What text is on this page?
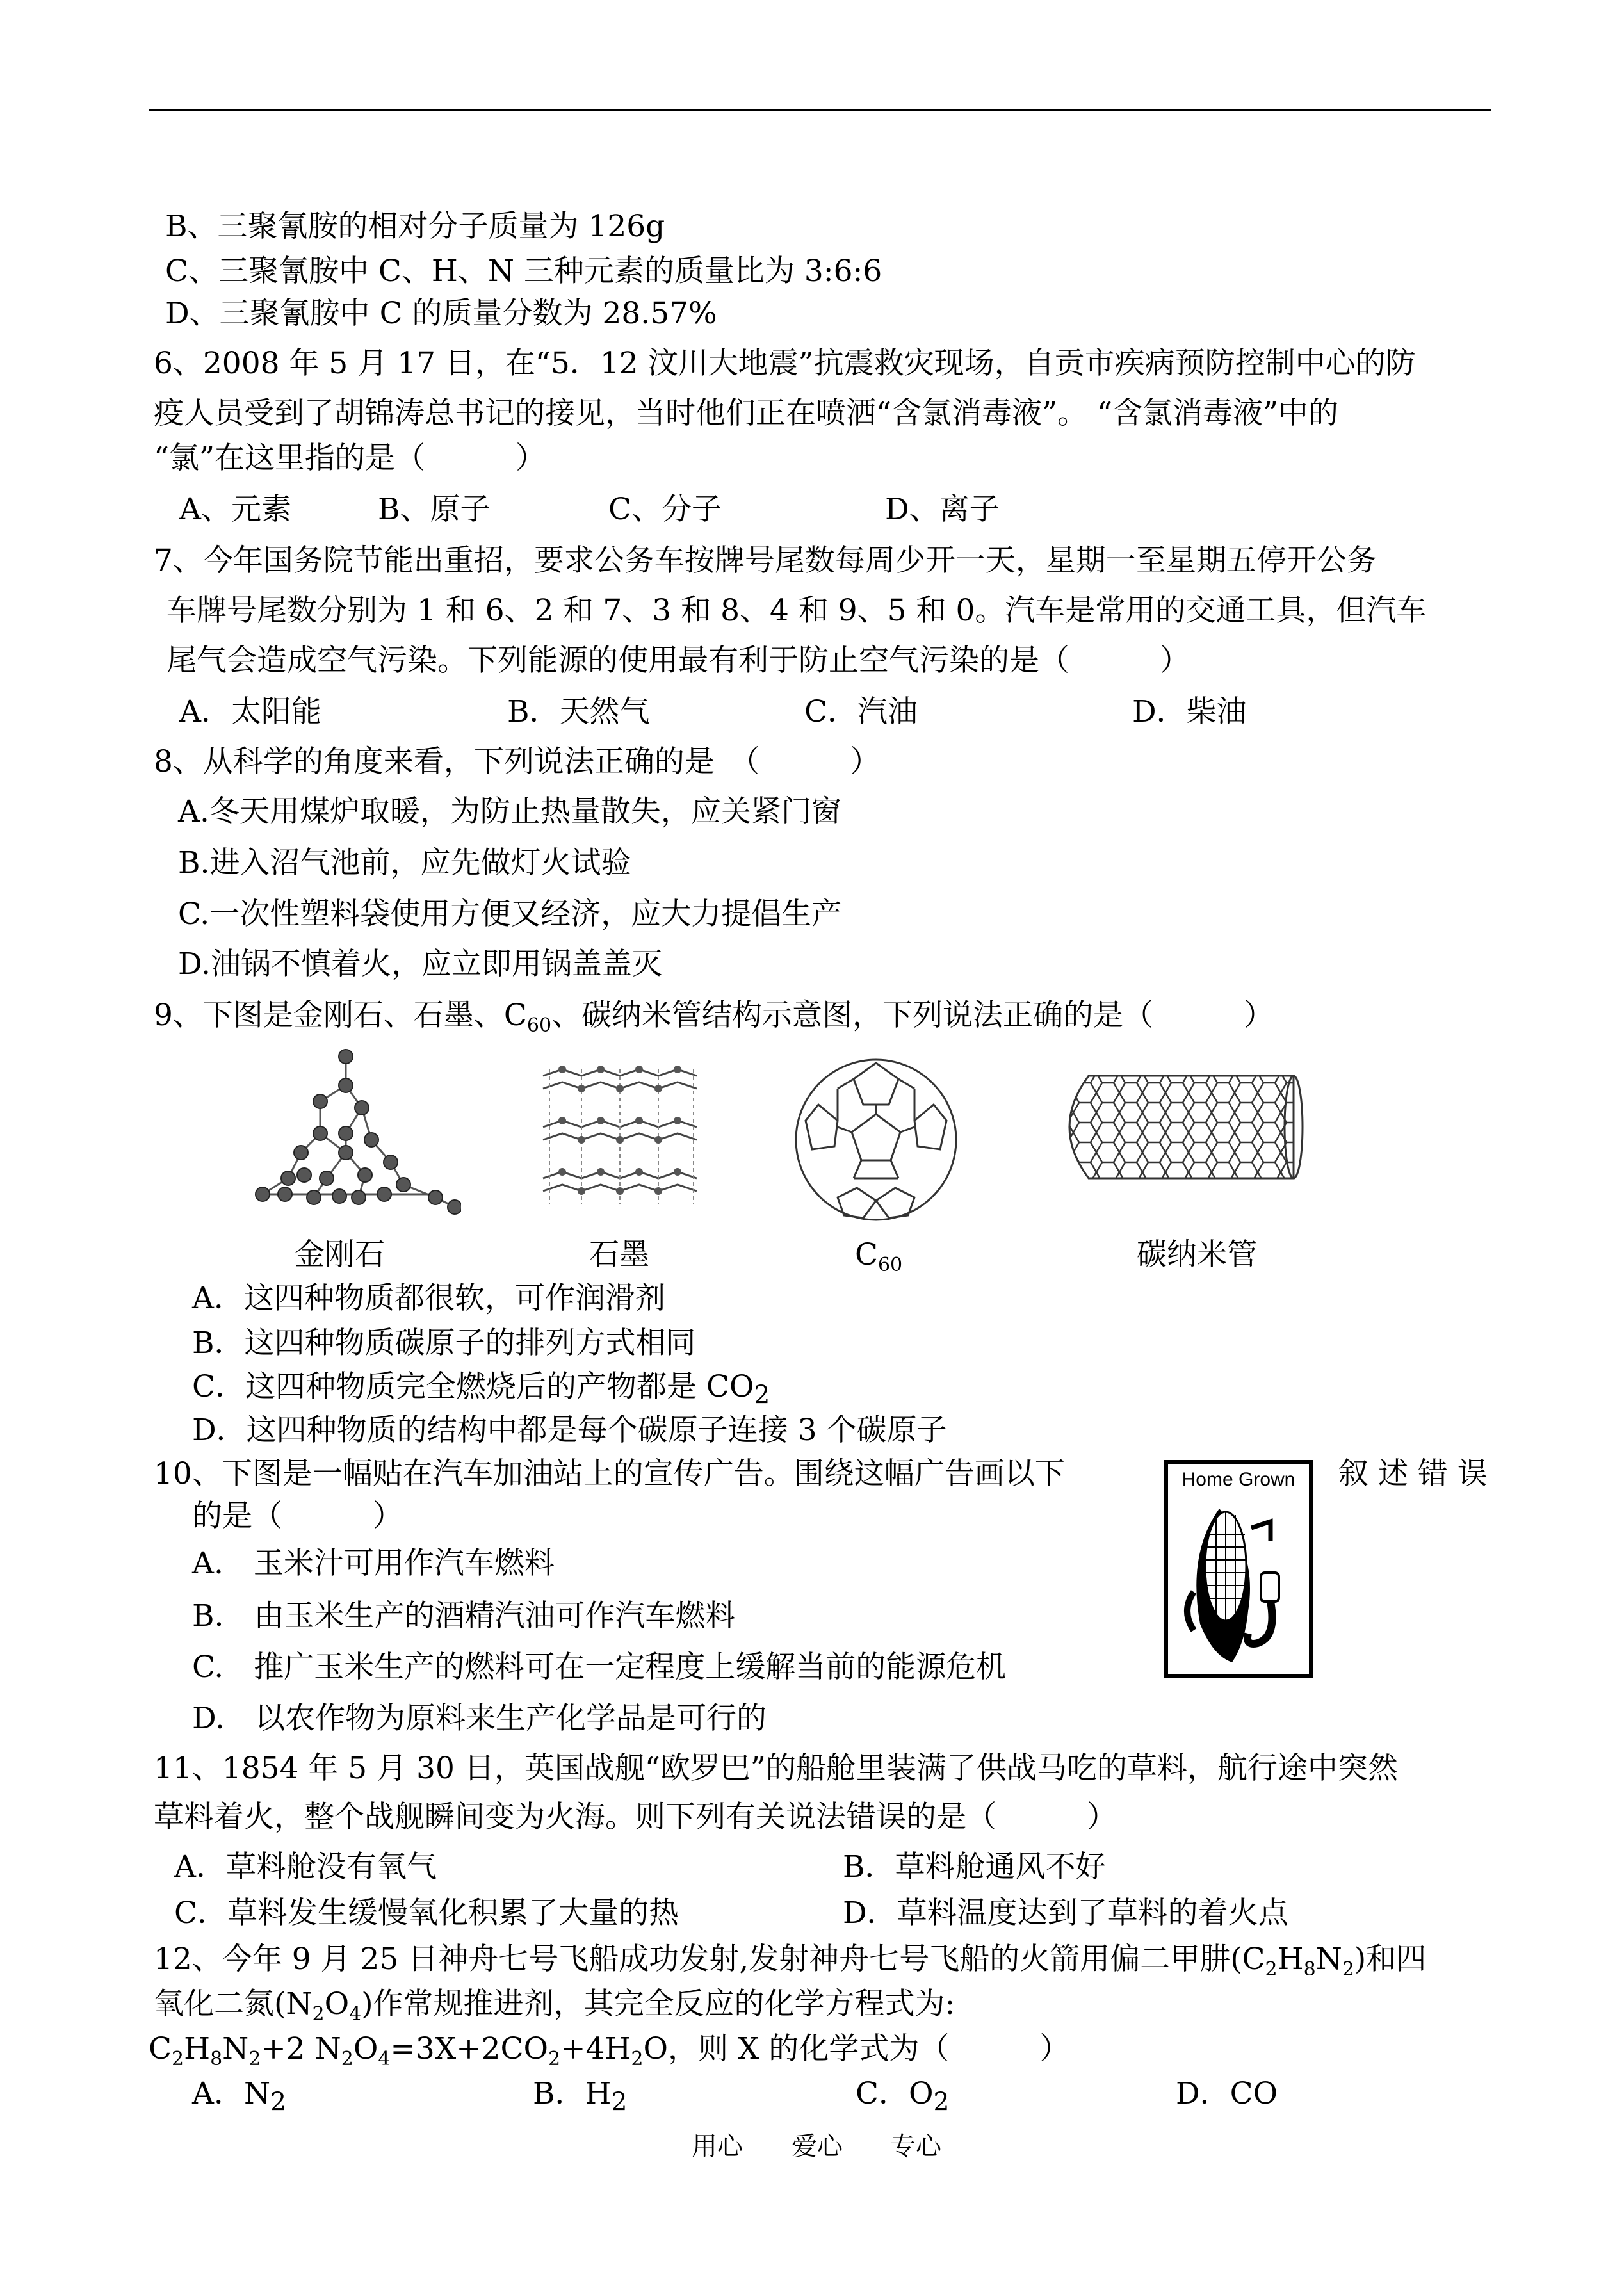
B、三聚氰胺的相对分子质量为 126g
C、三聚氰胺中 C、H、N 三种元素的质量比为 3:6:6
D、三聚氰胺中 C 的质量分数为 28.57%
6、2008 年 5 月 17 日，在“5．12 汶川大地震”抗震救灾现场，自贡市疾病预防控制中心的防
疫人员受到了胡锦涛总书记的接见，当时他们正在喷洒“含氯消毒液”。 “含氯消毒液”中的
“氯”在这里指的是（　　　）
A、元素	B、原子	C、分子	D、离子
7、今年国务院节能出重招，要求公务车按牌号尾数每周少开一天，星期一至星期五停开公务
车牌号尾数分别为 1 和 6、2 和 7、3 和 8、4 和 9、5 和 0。汽车是常用的交通工具，但汽车
尾气会造成空气污染。下列能源的使用最有利于防止空气污染的是（　　　）
A．太阳能	B．天然气	C．汽油	D．柴油
8、从科学的角度来看，下列说法正确的是　（　　　）
A.冬天用煤炉取暖，为防止热量散失，应关紧门窗
B.进入沼气池前，应先做灯火试验
C.一次性塑料袋使用方便又经济，应大力提倡生产
D.油锅不慎着火，应立即用锅盖盖灭
9、下图是金刚石、石墨、$C_{60}$、碳纳米管结构示意图，下列说法正确的是（　　　）
金刚石	石墨	$C_{60}$	碳纳米管
A．这四种物质都很软，可作润滑剂
B．这四种物质碳原子的排列方式相同
C．这四种物质完全燃烧后的产物都是 $CO_2$
D．这四种物质的结构中都是每个碳原子连接 3 个碳原子
10、下图是一幅贴在汽车加油站上的宣传广告。围绕这幅广告画以下	叙 述 错 误
的是（　　　）
Home Grown
A.　玉米汁可用作汽车燃料
B.　由玉米生产的酒精汽油可作汽车燃料
C.　推广玉米生产的燃料可在一定程度上缓解当前的能源危机
D.　以农作物为原料来生产化学品是可行的
11、1854 年 5 月 30 日，英国战舰“欧罗巴”的船舱里装满了供战马吃的草料，航行途中突然
草料着火，整个战舰瞬间变为火海。则下列有关说法错误的是（　　　）
A．草料舱没有氧气	B．草料舱通风不好
C．草料发生缓慢氧化积累了大量的热	D．草料温度达到了草料的着火点
12、今年 9 月 25 日神舟七号飞船成功发射,发射神舟七号飞船的火箭用偏二甲肼$(C_2H_8N_2)$和四
氧化二氮$(N_2O_4)$作常规推进剂，其完全反应的化学方程式为:
$C_2H_8N_2+2$ $N_2O_4=3X+2CO_2+4H_2O$，则 X 的化学式为（　　　）
A．$N_2$	B．$H_2$	C．$O_2$	D．CO
用心 爱心 专心
